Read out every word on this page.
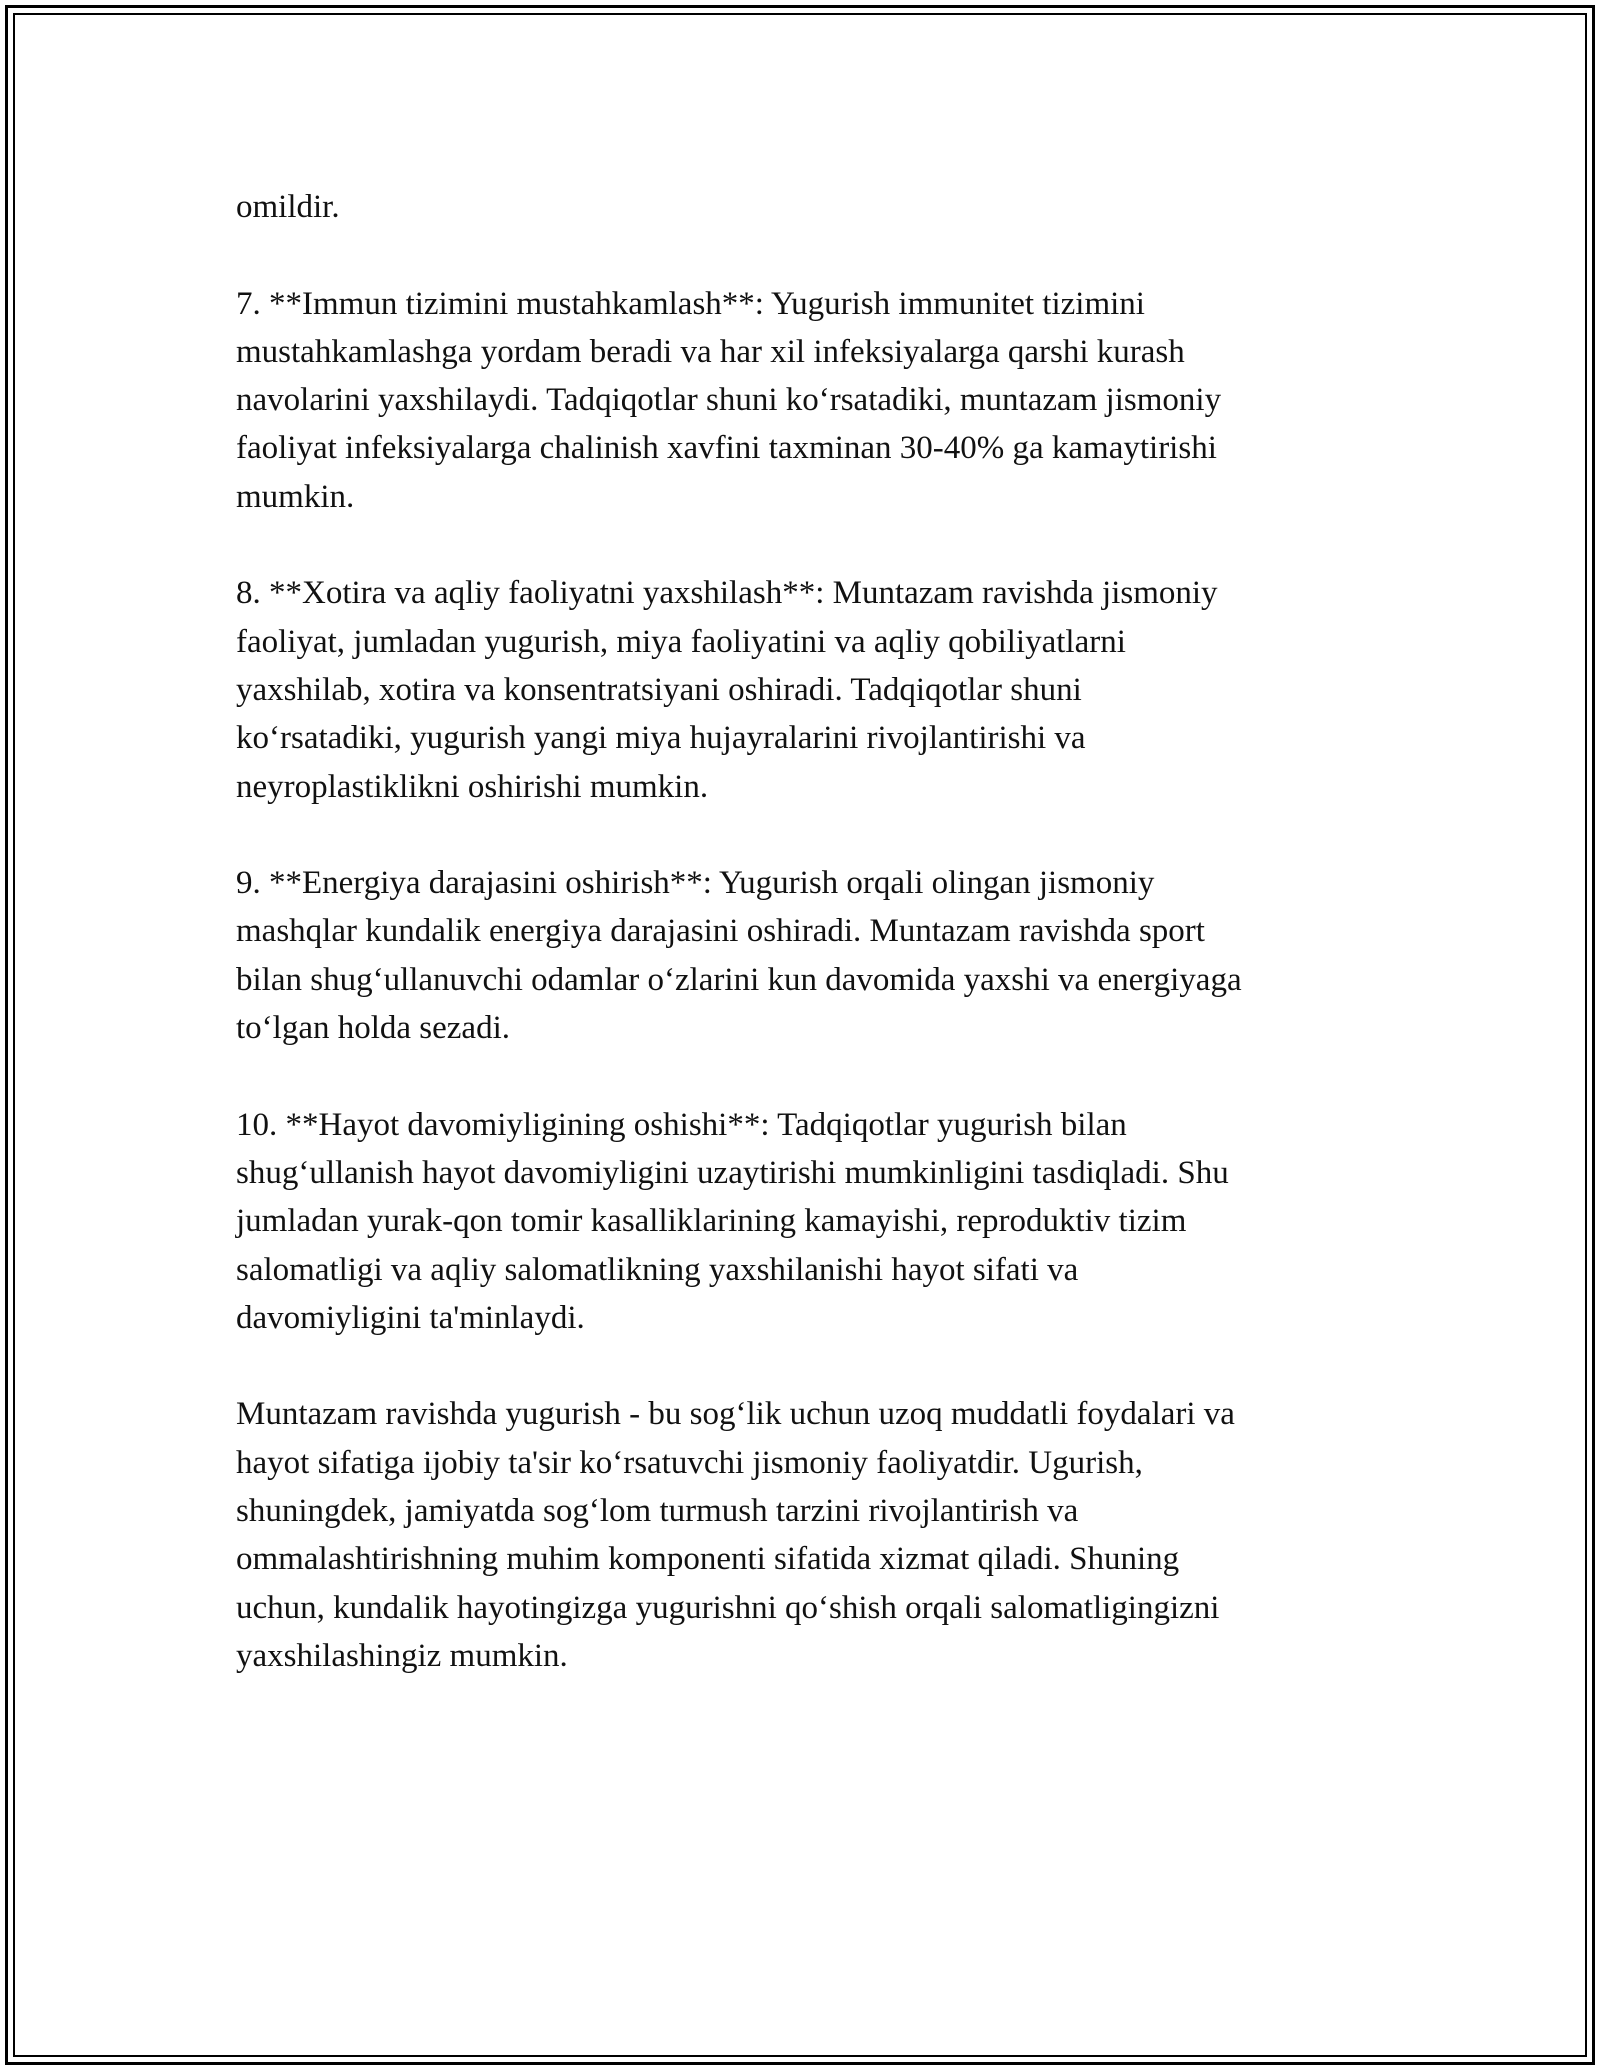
omildir.

7. **Immun tizimini mustahkamlash**: Yugurish immunitet tizimini
mustahkamlashga yordam beradi va har xil infeksiyalarga qarshi kurash
navolarini yaxshilaydi. Tadqiqotlar shuni ko‘rsatadiki, muntazam jismoniy
faoliyat infeksiyalarga chalinish xavfini taxminan 30-40% ga kamaytirishi
mumkin.

8. **Xotira va aqliy faoliyatni yaxshilash**: Muntazam ravishda jismoniy
faoliyat, jumladan yugurish, miya faoliyatini va aqliy qobiliyatlarni
yaxshilab, xotira va konsentratsiyani oshiradi. Tadqiqotlar shuni
ko‘rsatadiki, yugurish yangi miya hujayralarini rivojlantirishi va
neyroplastiklikni oshirishi mumkin.

9. **Energiya darajasini oshirish**: Yugurish orqali olingan jismoniy
mashqlar kundalik energiya darajasini oshiradi. Muntazam ravishda sport
bilan shug‘ullanuvchi odamlar o‘zlarini kun davomida yaxshi va energiyaga
to‘lgan holda sezadi.

10. **Hayot davomiyligining oshishi**: Tadqiqotlar yugurish bilan
shug‘ullanish hayot davomiyligini uzaytirishi mumkinligini tasdiqladi. Shu
jumladan yurak-qon tomir kasalliklarining kamayishi, reproduktiv tizim
salomatligi va aqliy salomatlikning yaxshilanishi hayot sifati va
davomiyligini ta'minlaydi.

Muntazam ravishda yugurish - bu sog‘lik uchun uzoq muddatli foydalari va
hayot sifatiga ijobiy ta'sir ko‘rsatuvchi jismoniy faoliyatdir. Ugurish,
shuningdek, jamiyatda sog‘lom turmush tarzini rivojlantirish va
ommalashtirishning muhim komponenti sifatida xizmat qiladi. Shuning
uchun, kundalik hayotingizga yugurishni qo‘shish orqali salomatligingizni
yaxshilashingiz mumkin.
